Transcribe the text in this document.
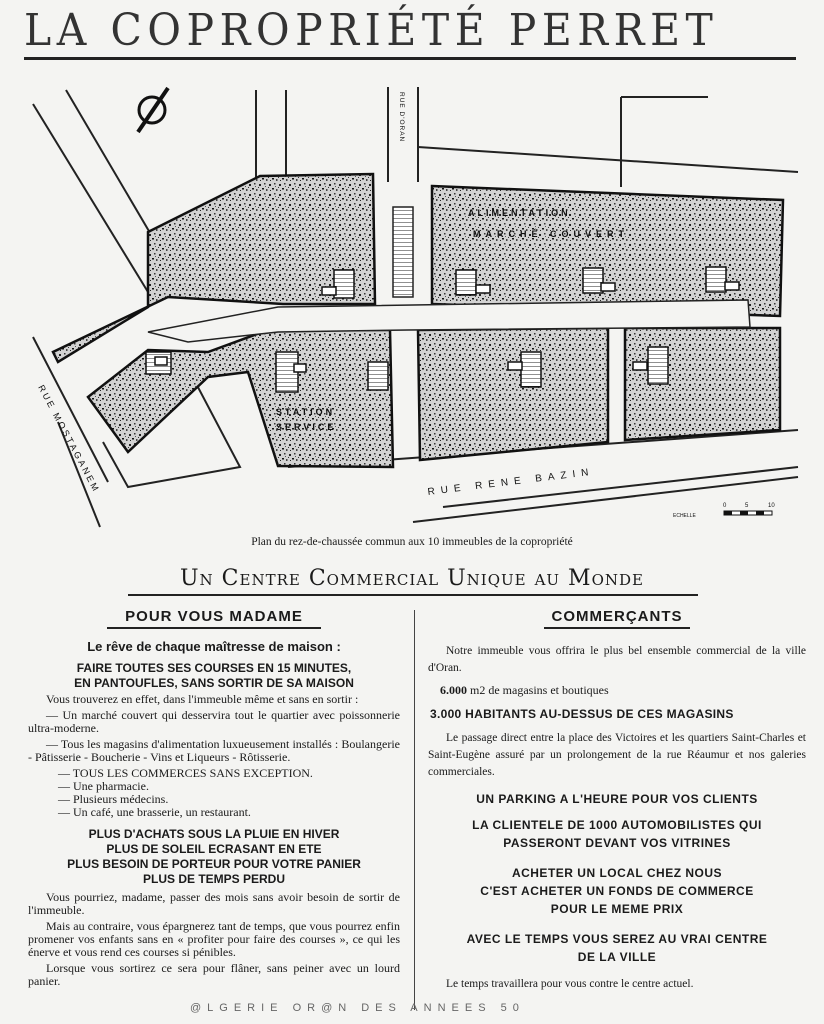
LA COPROPRIÉTÉ PERRET
ALIMENTATION
MARCHÉ COUVERT
STATION
SERVICE
RUE D'ORAN
RUE MOSTAGANEM	RUE RENE BAZIN
ECHELLE
0	5	10
Plan du rez-de-chaussée commun aux 10 immeubles de la copropriété
Un Centre Commercial Unique au Monde
POUR VOUS MADAME

Le rêve de chaque maîtresse de maison :

FAIRE TOUTES SES COURSES EN 15 MINUTES,

EN PANTOUFLES, SANS SORTIR DE SA MAISON

Vous trouverez en effet, dans l'immeuble même et sans en sortir :

— Un marché couvert qui desservira tout le quartier avec poissonnerie ultra-moderne.

— Tous les magasins d'alimentation luxueusement installés : Boulangerie - Pâtisserie - Boucherie - Vins et Liqueurs - Rôtisserie.

— TOUS LES COMMERCES SANS EXCEPTION.

— Une pharmacie.

— Plusieurs médecins.

— Un café, une brasserie, un restaurant.

PLUS D'ACHATS SOUS LA PLUIE EN HIVER

PLUS DE SOLEIL ECRASANT EN ETE

PLUS BESOIN DE PORTEUR POUR VOTRE PANIER

PLUS DE TEMPS PERDU

Vous pourriez, madame, passer des mois sans avoir besoin de sortir de l'immeuble.

Mais au contraire, vous épargnerez tant de temps, que vous pourrez enfin promener vos enfants sans en « profiter pour faire des courses », ce qui les énerve et vous rend ces courses si pénibles.

Lorsque vous sortirez ce sera pour flâner, sans peiner avec un lourd panier.

COMMERÇANTS

Notre immeuble vous offrira le plus bel ensemble commercial de la ville d'Oran.

6.000 m2 de magasins et boutiques

3.000 HABITANTS AU-DESSUS DE CES MAGASINS

Le passage direct entre la place des Victoires et les quartiers Saint-Charles et Saint-Eugène assuré par un prolongement de la rue Réaumur et nos galeries commerciales.

UN PARKING A L'HEURE POUR VOS CLIENTS

LA CLIENTELE DE 1000 AUTOMOBILISTES QUI

PASSERONT DEVANT VOS VITRINES

ACHETER UN LOCAL CHEZ NOUS

C'EST ACHETER UN FONDS DE COMMERCE

POUR LE MEME PRIX

AVEC LE TEMPS VOUS SEREZ AU VRAI CENTRE

DE LA VILLE

Le temps travaillera pour vous contre le centre actuel.

@LGERIE OR@N DES ANNEES 50
